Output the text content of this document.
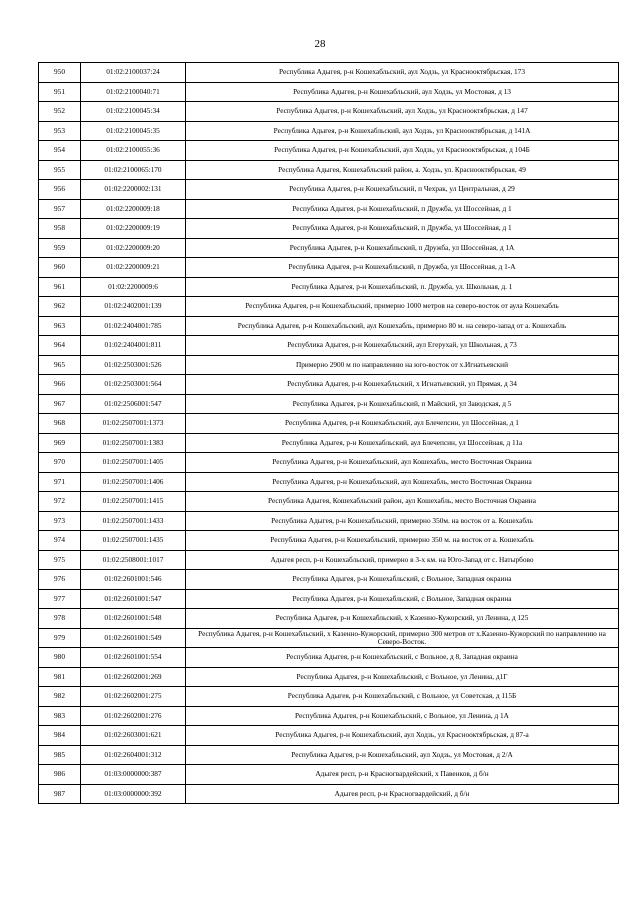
28
950	01:02:2100037:24	Республика Адыгея, р-н Кошехабльский, аул Ходзь, ул Краснооктябрьская, 173
951	01:02:2100040:71	Республика Адыгея, р-н Кошехабльский, аул Ходзь, ул Мостовая, д 13
952	01:02:2100045:34	Республика Адыгея, р-н Кошехабльский, аул Ходзь, ул Краснооктябрьская, д 147
953	01:02:2100045:35	Республика Адыгея, р-н Кошехабльский, аул Ходзь, ул Краснооктябрьская, д 141А
954	01:02:2100055:36	Республика Адыгея, р-н Кошехабльский, аул Ходзь, ул Краснооктябрьская, д 104Б
955	01:02:2100065:170	Республика Адыгея, Кошехабльский район, а. Ходзь, ул. Краснооктябрьская, 49
956	01:02:2200002:131	Республика Адыгея, р-н Кошехабльский, п Чехрак, ул Центральная, д 29
957	01:02:2200009:18	Республика Адыгея, р-н Кошехабльский, п Дружба, ул Шоссейная, д 1
958	01:02:2200009:19	Республика Адыгея, р-н Кошехабльский, п Дружба, ул Шоссейная, д 1
959	01:02:2200009:20	Республика Адыгея, р-н Кошехабльский, п Дружба, ул Шоссейная, д 1А
960	01:02:2200009:21	Республика Адыгея, р-н Кошехабльский, п Дружба, ул Шоссейная, д 1-А
961	01:02:2200009:6	Республика Адыгея, р-н Кошехабльский, п. Дружба, ул. Школьная, д. 1
962	01:02:2402001:139	Республика Адыгея, р-н Кошехабльский, примерно 1000 метров на северо-восток от аула Кошехабль
963	01:02:2404001:785	Республика Адыгея, р-н Кошехабльский, аул Кошехабль, примерно 80 м. на северо-запад от а. Кошехабль
964	01:02:2404001:811	Республика Адыгея, р-н Кошехабльский, аул Егерухай, ул Школьная, д 73
965	01:02:2503001:526	Примерно 2900 м по направлению на юго-восток от х.Игнатьевский
966	01:02:2503001:564	Республика Адыгея, р-н Кошехабльский, х Игнатьевский, ул Прямая, д 34
967	01:02:2506001:547	Республика Адыгея, р-н Кошехабльский, п Майский, ул Заводская, д 5
968	01:02:2507001:1373	Республика Адыгея, р-н Кошехабльский, аул Блечепсин, ул Шоссейная, д 1
969	01:02:2507001:1383	Республика Адыгея, р-н Кошехабльский, аул Блечепсин, ул Шоссейная, д 11а
970	01:02:2507001:1405	Республика Адыгея, р-н Кошехабльский, аул Кошехабль, место Восточная Окраина
971	01:02:2507001:1406	Республика Адыгея, р-н Кошехабльский, аул Кошехабль, место Восточная Окраина
972	01:02:2507001:1415	Республика Адыгея, Кошехабльский район, аул Кошехабль, место Восточная Окраина
973	01:02:2507001:1433	Республика Адыгея, р-н Кошехабльский, примерно 350м. на восток от а. Кошехабль
974	01:02:2507001:1435	Республика Адыгея, р-н Кошехабльский, примерно 350 м. на восток от а. Кошехабль
975	01:02:2508001:1017	Адыгея респ, р-н Кошехабльский, примерно в 3-х км. на Юго-Запад от с. Натырбово
976	01:02:2601001:546	Республика Адыгея, р-н Кошехабльский, с Вольное, Западная окраина
977	01:02:2601001:547	Республика Адыгея, р-н Кошехабльский, с Вольное, Западная окраина
978	01:02:2601001:548	Республика Адыгея, р-н Кошехабльский, х Казенно-Кужорский, ул Ленина, д 125
979	01:02:2601001:549	Республика Адыгея, р-н Кошехабльский, х Казенно-Кужорский, примерно 300 метров от х.Казенно-Кужорский по направлению на Северо-Восток.
980	01:02:2601001:554	Республика Адыгея, р-н Кошехабльский, с Вольное, д 8, Западная окраина
981	01:02:2602001:269	Республика Адыгея, р-н Кошехабльский, с Вольное, ул Ленина, д1Г
982	01:02:2602001:275	Республика Адыгея, р-н Кошехабльский, с Вольное, ул Советская, д 115Б
983	01:02:2602001:276	Республика Адыгея, р-н Кошехабльский, с Вольное, ул Ленина, д 1А
984	01:02:2603001:621	Республика Адыгея, р-н Кошехабльский, аул Ходзь, ул Краснооктябрьская, д 87-а
985	01:02:2604001:312	Республика Адыгея, р-н Кошехабльский, аул Ходзь, ул Мостовая, д 2/А
986	01:03:0000000:387	Адыгея респ, р-н Красногвардейский, х Павенков, д б/н
987	01:03:0000000:392	Адыгея респ, р-н Красногвардейский, д б/н
